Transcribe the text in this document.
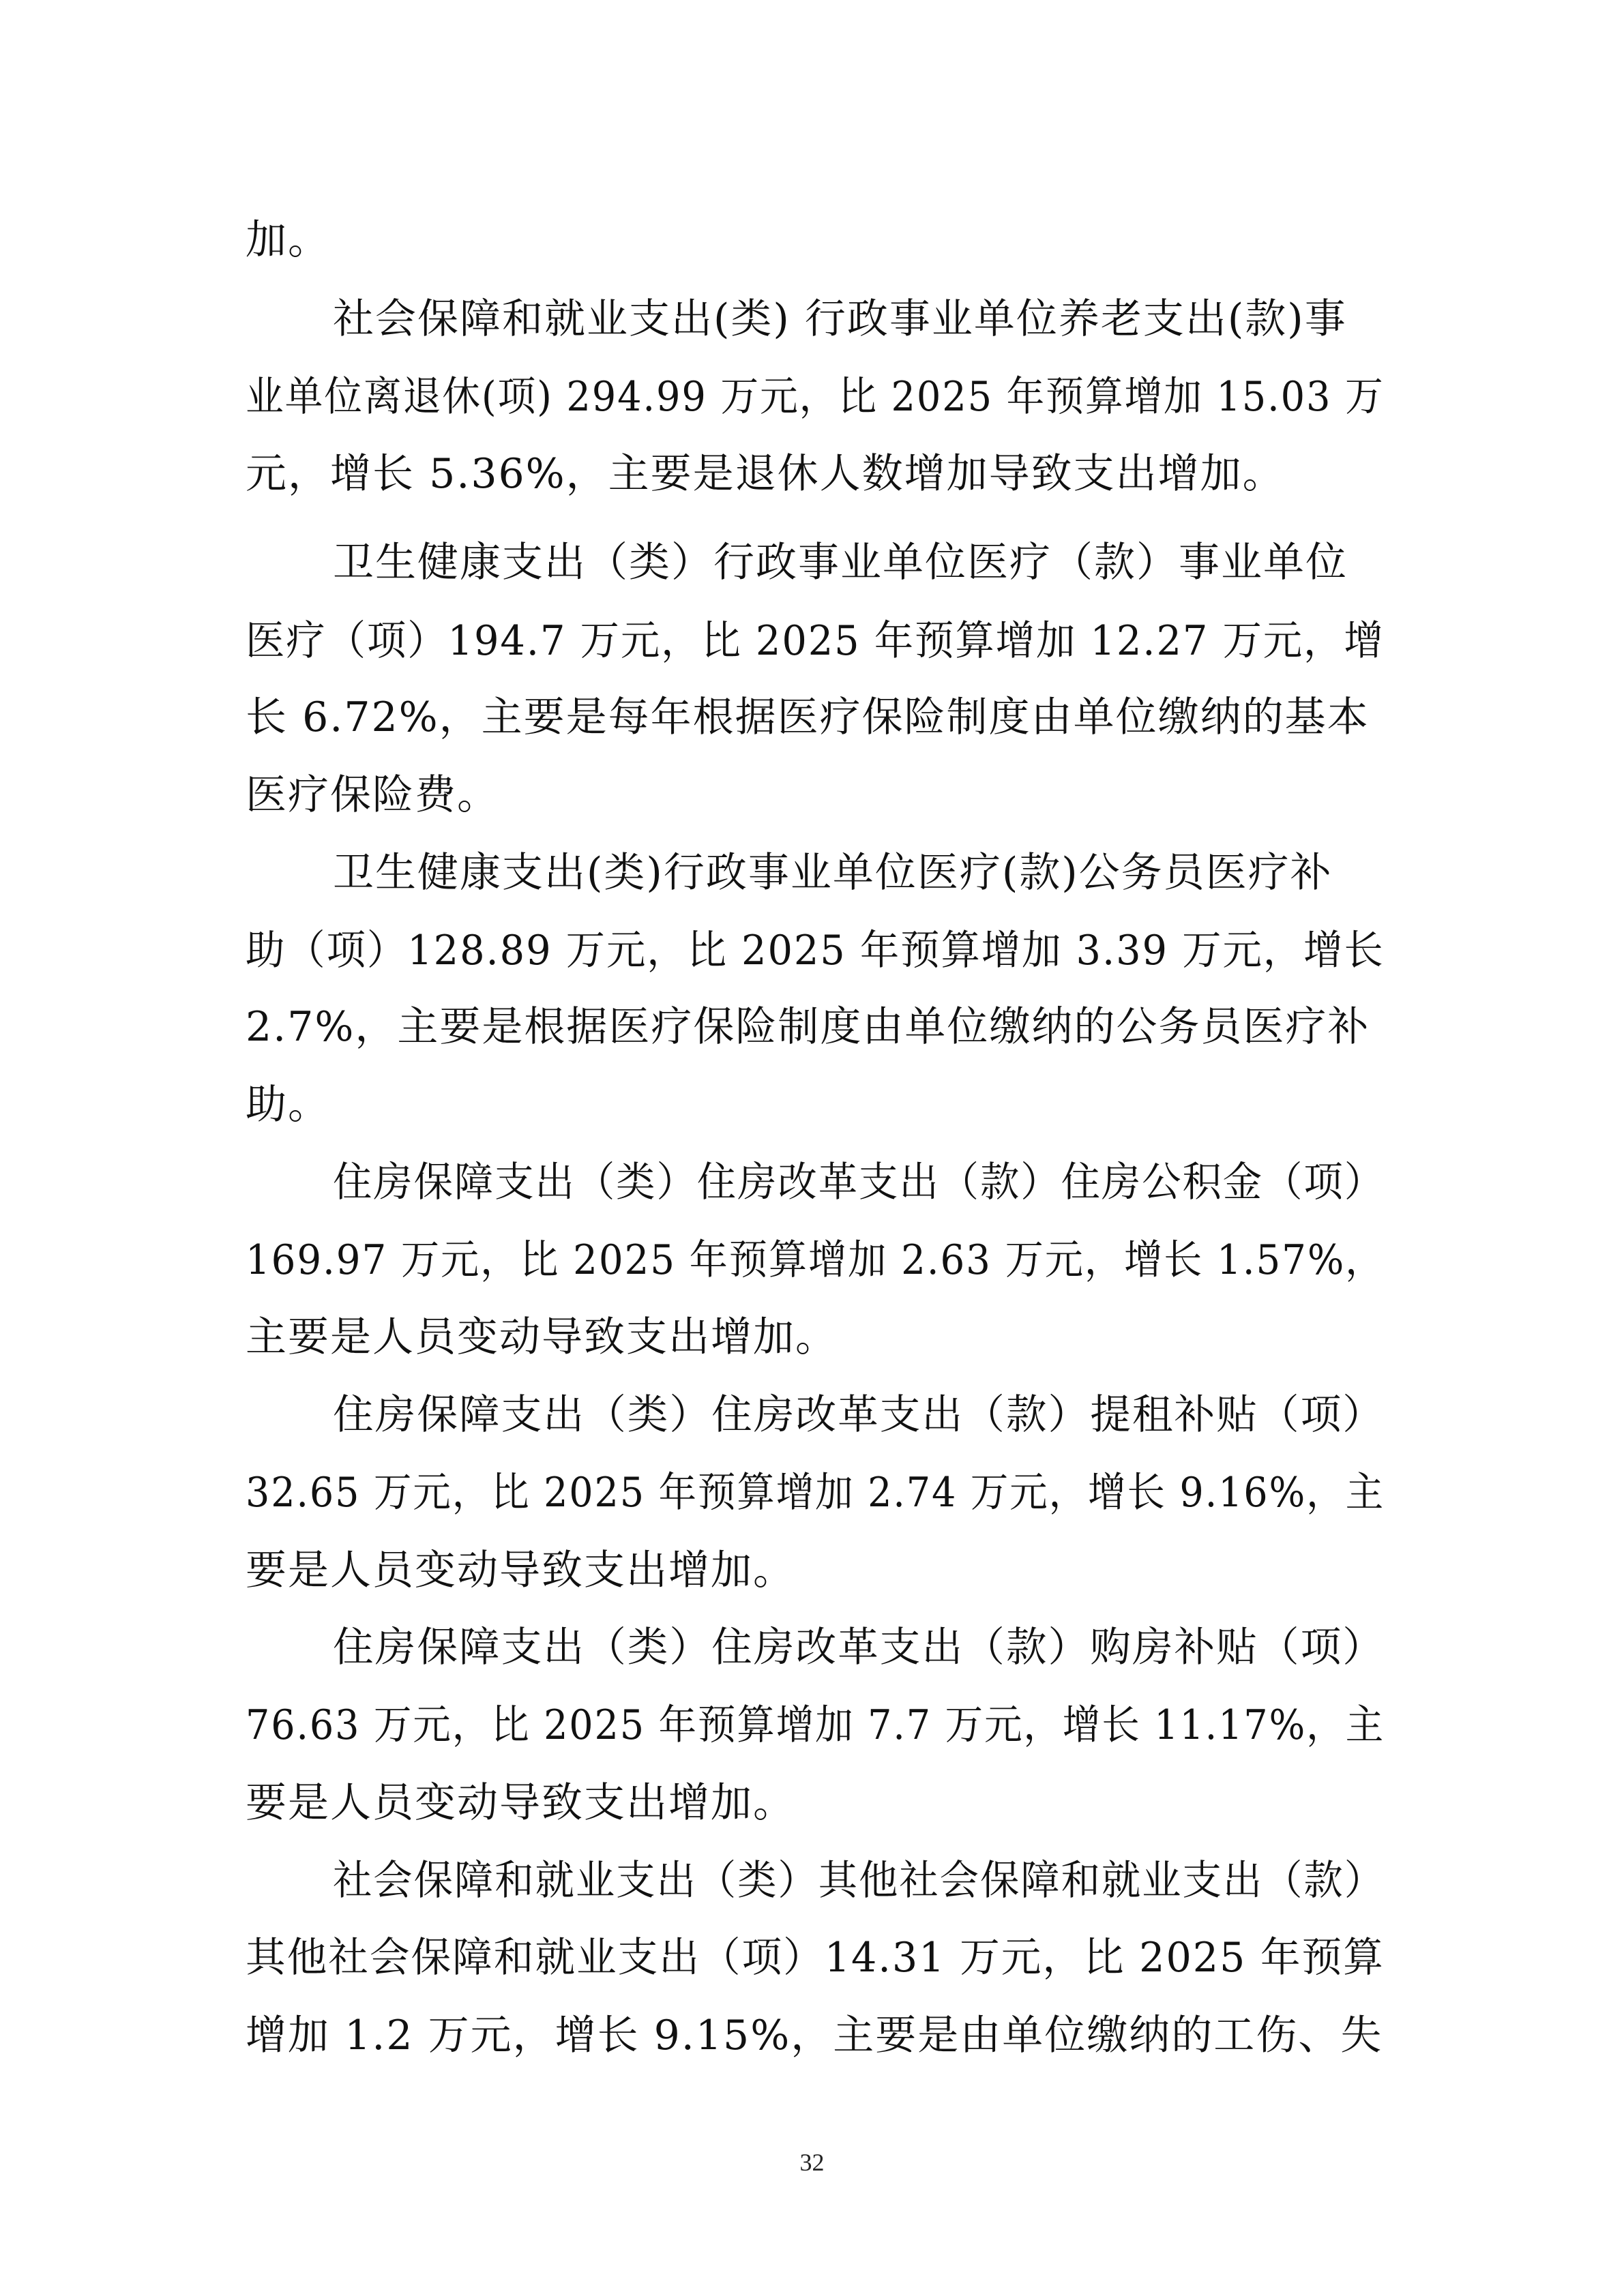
加。
社会保障和就业支出(类) 行政事业单位养老支出(款)事
业单位离退休(项) 294.99 万元，比 2025 年预算增加 15.03 万
元，增长 5.36%，主要是退休人数增加导致支出增加。
卫生健康支出（类）行政事业单位医疗（款）事业单位
医疗（项）194.7 万元，比 2025 年预算增加 12.27 万元，增
长 6.72%，主要是每年根据医疗保险制度由单位缴纳的基本
医疗保险费。
卫生健康支出(类)行政事业单位医疗(款)公务员医疗补
助（项）128.89 万元，比 2025 年预算增加 3.39 万元，增长
2.7%，主要是根据医疗保险制度由单位缴纳的公务员医疗补
助。
住房保障支出（类）住房改革支出（款）住房公积金（项）
169.97 万元，比 2025 年预算增加 2.63 万元，增长 1.57%，
主要是人员变动导致支出增加。
住房保障支出（类）住房改革支出（款）提租补贴（项）
32.65 万元，比 2025 年预算增加 2.74 万元，增长 9.16%，主
要是人员变动导致支出增加。
住房保障支出（类）住房改革支出（款）购房补贴（项）
76.63 万元，比 2025 年预算增加 7.7 万元，增长 11.17%，主
要是人员变动导致支出增加。
社会保障和就业支出（类）其他社会保障和就业支出（款）
其他社会保障和就业支出（项）14.31 万元，比 2025 年预算
增加 1.2 万元，增长 9.15%，主要是由单位缴纳的工伤、失
32
